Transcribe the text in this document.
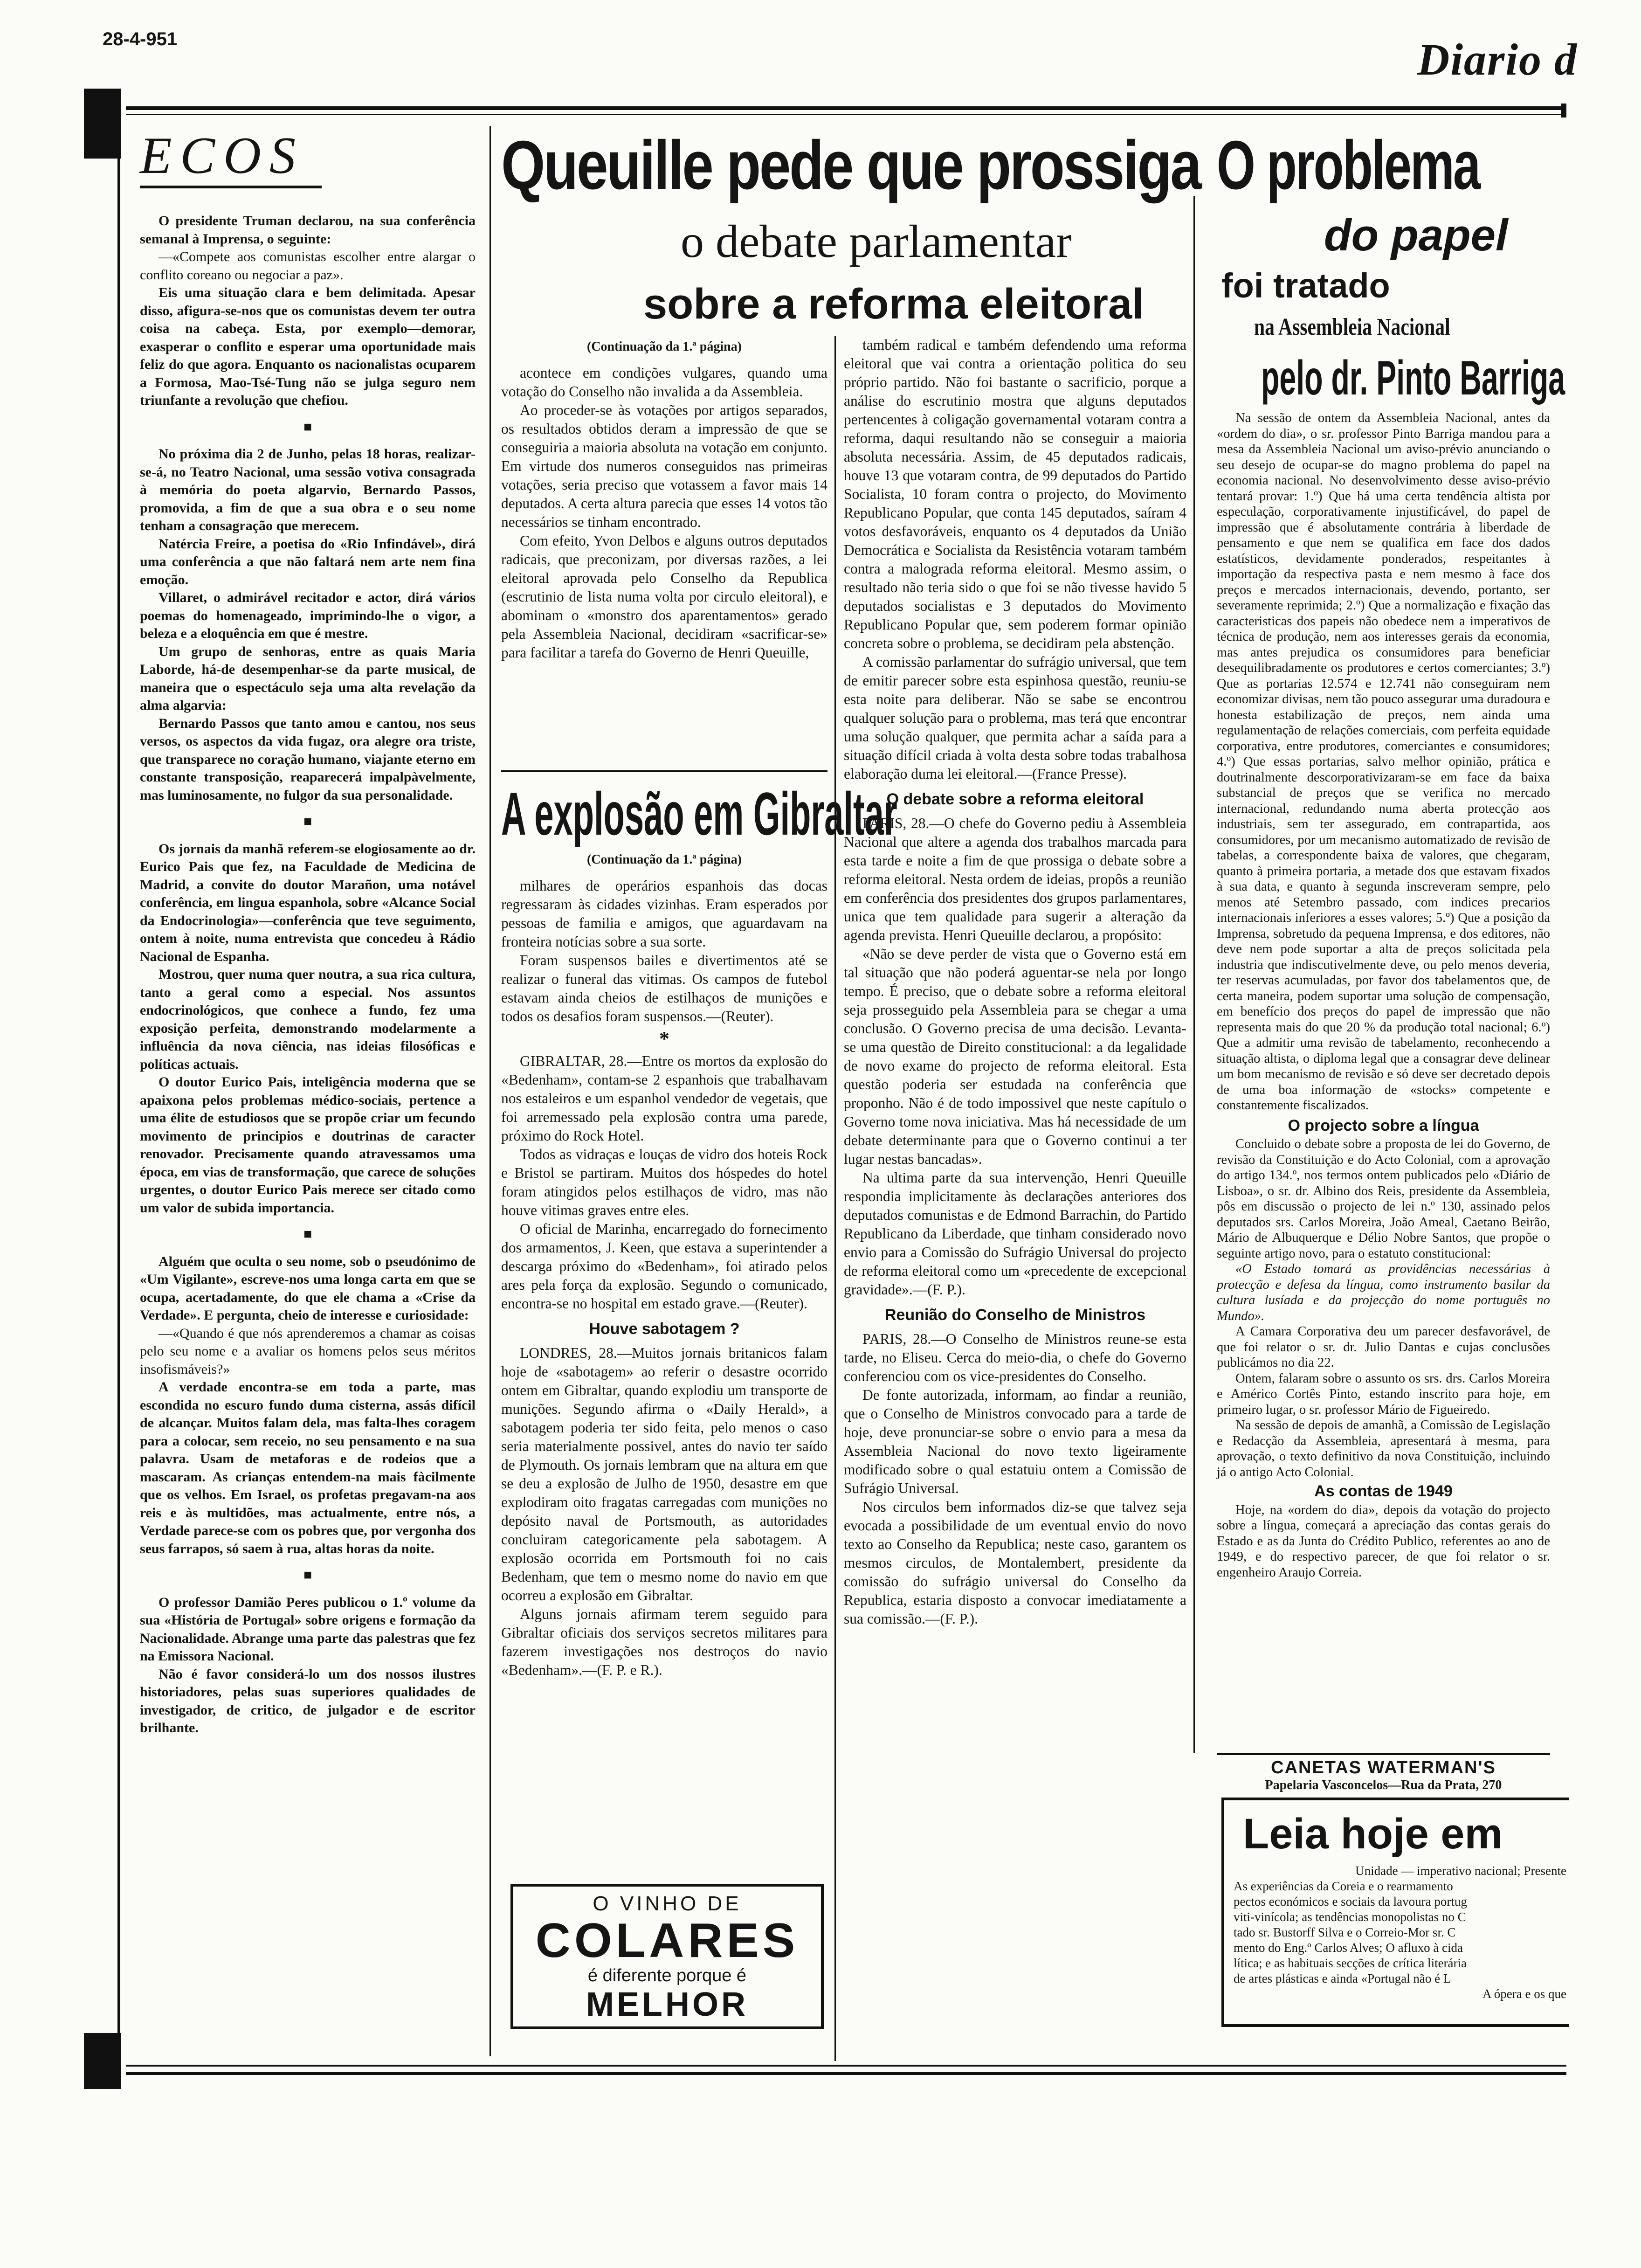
28-4-951	Diario d
ECOS

O presidente Truman declarou, na sua conferência semanal à Imprensa, o seguinte:

—«Compete aos comunistas escolher entre alargar o conflito coreano ou negociar a paz».

Eis uma situação clara e bem delimitada. Apesar disso, afigura-se-nos que os comunistas devem ter outra coisa na cabeça. Esta, por exemplo—demorar, exasperar o conflito e esperar uma oportunidade mais feliz do que agora. Enquanto os nacionalistas ocuparem a Formosa, Mao-Tsé-Tung não se julga seguro nem triunfante a revolução que chefiou.

■

No próxima dia 2 de Junho, pelas 18 horas, realizar-se-á, no Teatro Nacional, uma sessão votiva consagrada à memória do poeta algarvio, Bernardo Passos, promovida, a fim de que a sua obra e o seu nome tenham a consagração que merecem.

Natércia Freire, a poetisa do «Rio Infindável», dirá uma conferência a que não faltará nem arte nem fina emoção.

Villaret, o admirável recitador e actor, dirá vários poemas do homenageado, imprimindo-lhe o vigor, a beleza e a eloquência em que é mestre.

Um grupo de senhoras, entre as quais Maria Laborde, há-de desempenhar-se da parte musical, de maneira que o espectáculo seja uma alta revelação da alma algarvia:

Bernardo Passos que tanto amou e cantou, nos seus versos, os aspectos da vida fugaz, ora alegre ora triste, que transparece no coração humano, viajante eterno em constante transposição, reaparecerá impalpàvelmente, mas luminosamente, no fulgor da sua personalidade.

■

Os jornais da manhã referem-se elogiosamente ao dr. Eurico Pais que fez, na Faculdade de Medicina de Madrid, a convite do doutor Marañon, uma notável conferência, em lingua espanhola, sobre «Alcance Social da Endocrinologia»—conferência que teve seguimento, ontem à noite, numa entrevista que concedeu à Rádio Nacional de Espanha.

Mostrou, quer numa quer noutra, a sua rica cultura, tanto a geral como a especial. Nos assuntos endocrinológicos, que conhece a fundo, fez uma exposição perfeita, demonstrando modelarmente a influência da nova ciência, nas ideias filosóficas e políticas actuais.

O doutor Eurico Pais, inteligência moderna que se apaixona pelos problemas médico-sociais, pertence a uma élite de estudiosos que se propõe criar um fecundo movimento de principios e doutrinas de caracter renovador. Precisamente quando atravessamos uma época, em vias de transformação, que carece de soluções urgentes, o doutor Eurico Pais merece ser citado como um valor de subida importancia.

■

Alguém que oculta o seu nome, sob o pseudónimo de «Um Vigilante», escreve-nos uma longa carta em que se ocupa, acertadamente, do que ele chama a «Crise da Verdade». E pergunta, cheio de interesse e curiosidade:

—«Quando é que nós aprenderemos a chamar as coisas pelo seu nome e a avaliar os homens pelos seus méritos insofismáveis?»

A verdade encontra-se em toda a parte, mas escondida no escuro fundo duma cisterna, assás difícil de alcançar. Muitos falam dela, mas falta-lhes coragem para a colocar, sem receio, no seu pensamento e na sua palavra. Usam de metaforas e de rodeios que a mascaram. As crianças entendem-na mais fàcilmente que os velhos. Em Israel, os profetas pregavam-na aos reis e às multidões, mas actualmente, entre nós, a Verdade parece-se com os pobres que, por vergonha dos seus farrapos, só saem à rua, altas horas da noite.

■

O professor Damião Peres publicou o 1.º volume da sua «História de Portugal» sobre origens e formação da Nacionalidade. Abrange uma parte das palestras que fez na Emissora Nacional.

Não é favor considerá-lo um dos nossos ilustres historiadores, pelas suas superiores qualidades de investigador, de critico, de julgador e de escritor brilhante.

Queuille pede que prossiga
o debate parlamentar
sobre a reforma eleitoral
(Continuação da 1.ª página)

acontece em condições vulgares, quando uma votação do Conselho não invalida a da Assembleia.

Ao proceder-se às votações por artigos separados, os resultados obtidos deram a impressão de que se conseguiria a maioria absoluta na votação em conjunto. Em virtude dos numeros conseguidos nas primeiras votações, seria preciso que votassem a favor mais 14 deputados. A certa altura parecia que esses 14 votos tão necessários se tinham encontrado.

Com efeito, Yvon Delbos e alguns outros deputados radicais, que preconizam, por diversas razões, a lei eleitoral aprovada pelo Conselho da Republica (escrutinio de lista numa volta por circulo eleitoral), e abominam o «monstro dos aparentamentos» gerado pela Assembleia Nacional, decidiram «sacrificar-se» para facilitar a tarefa do Governo de Henri Queuille,

A explosão em Gibraltar
(Continuação da 1.ª página)

milhares de operários espanhois das docas regressaram às cidades vizinhas. Eram esperados por pessoas de familia e amigos, que aguardavam na fronteira notícias sobre a sua sorte.

Foram suspensos bailes e divertimentos até se realizar o funeral das vitimas. Os campos de futebol estavam ainda cheios de estilhaços de munições e todos os desafios foram suspensos.—(Reuter).

*

GIBRALTAR, 28.—Entre os mortos da explosão do «Bedenham», contam-se 2 espanhois que trabalhavam nos estaleiros e um espanhol vendedor de vegetais, que foi arremessado pela explosão contra uma parede, próximo do Rock Hotel.

Todos as vidraças e louças de vidro dos hoteis Rock e Bristol se partiram. Muitos dos hóspedes do hotel foram atingidos pelos estilhaços de vidro, mas não houve vitimas graves entre eles.

O oficial de Marinha, encarregado do fornecimento dos armamentos, J. Keen, que estava a superintender a descarga próximo do «Bedenham», foi atirado pelos ares pela força da explosão. Segundo o comunicado, encontra-se no hospital em estado grave.—(Reuter).

Houve sabotagem ?

LONDRES, 28.—Muitos jornais britanicos falam hoje de «sabotagem» ao referir o desastre ocorrido ontem em Gibraltar, quando explodiu um transporte de munições. Segundo afirma o «Daily Herald», a sabotagem poderia ter sido feita, pelo menos o caso seria materialmente possivel, antes do navio ter saído de Plymouth. Os jornais lembram que na altura em que se deu a explosão de Julho de 1950, desastre em que explodiram oito fragatas carregadas com munições no depósito naval de Portsmouth, as autoridades concluiram categoricamente pela sabotagem. A explosão ocorrida em Portsmouth foi no cais Bedenham, que tem o mesmo nome do navio em que ocorreu a explosão em Gibraltar.

Alguns jornais afirmam terem seguido para Gibraltar oficiais dos serviços secretos militares para fazerem investigações nos destroços do navio «Bedenham».—(F. P. e R.).

O VINHO DE
COLARES
é diferente porque é
MELHOR

também radical e também defendendo uma reforma eleitoral que vai contra a orientação politica do seu próprio partido. Não foi bastante o sacrificio, porque a análise do escrutinio mostra que alguns deputados pertencentes à coligação governamental votaram contra a reforma, daqui resultando não se conseguir a maioria absoluta necessária. Assim, de 45 deputados radicais, houve 13 que votaram contra, de 99 deputados do Partido Socialista, 10 foram contra o projecto, do Movimento Republicano Popular, que conta 145 deputados, saíram 4 votos desfavoráveis, enquanto os 4 deputados da União Democrática e Socialista da Resistência votaram também contra a malograda reforma eleitoral. Mesmo assim, o resultado não teria sido o que foi se não tivesse havido 5 deputados socialistas e 3 deputados do Movimento Republicano Popular que, sem poderem formar opinião concreta sobre o problema, se decidiram pela abstenção.

A comissão parlamentar do sufrágio universal, que tem de emitir parecer sobre esta espinhosa questão, reuniu-se esta noite para deliberar. Não se sabe se encontrou qualquer solução para o problema, mas terá que encontrar uma solução qualquer, que permita achar a saída para a situação difícil criada à volta desta sobre todas trabalhosa elaboração duma lei eleitoral.—(France Presse).

O debate sobre a reforma eleitoral

PARIS, 28.—O chefe do Governo pediu à Assembleia Nacional que altere a agenda dos trabalhos marcada para esta tarde e noite a fim de que prossiga o debate sobre a reforma eleitoral. Nesta ordem de ideias, propôs a reunião em conferência dos presidentes dos grupos parlamentares, unica que tem qualidade para sugerir a alteração da agenda prevista. Henri Queuille declarou, a propósito:

«Não se deve perder de vista que o Governo está em tal situação que não poderá aguentar-se nela por longo tempo. É preciso, que o debate sobre a reforma eleitoral seja prosseguido pela Assembleia para se chegar a uma conclusão. O Governo precisa de uma decisão. Levanta-se uma questão de Direito constitucional: a da legalidade de novo exame do projecto de reforma eleitoral. Esta questão poderia ser estudada na conferência que proponho. Não é de todo impossivel que neste capítulo o Governo tome nova iniciativa. Mas há necessidade de um debate determinante para que o Governo continui a ter lugar nestas bancadas».

Na ultima parte da sua intervenção, Henri Queuille respondia implicitamente às declarações anteriores dos deputados comunistas e de Edmond Barrachin, do Partido Republicano da Liberdade, que tinham considerado novo envio para a Comissão do Sufrágio Universal do projecto de reforma eleitoral como um «precedente de excepcional gravidade».—(F. P.).

Reunião do Conselho de Ministros

PARIS, 28.—O Conselho de Ministros reune-se esta tarde, no Eliseu. Cerca do meio-dia, o chefe do Governo conferenciou com os vice-presidentes do Conselho.

De fonte autorizada, informam, ao findar a reunião, que o Conselho de Ministros convocado para a tarde de hoje, deve pronunciar-se sobre o envio para a mesa da Assembleia Nacional do novo texto ligeiramente modificado sobre o qual estatuiu ontem a Comissão de Sufrágio Universal.

Nos circulos bem informados diz-se que talvez seja evocada a possibilidade de um eventual envio do novo texto ao Conselho da Republica; neste caso, garantem os mesmos circulos, de Montalembert, presidente da comissão do sufrágio universal do Conselho da Republica, estaria disposto a convocar imediatamente a sua comissão.—(F. P.).

O problema
do papel
foi tratado
na Assembleia Nacional
pelo dr. Pinto Barriga

Na sessão de ontem da Assembleia Nacional, antes da «ordem do dia», o sr. professor Pinto Barriga mandou para a mesa da Assembleia Nacional um aviso-prévio anunciando o seu desejo de ocupar-se do magno problema do papel na economia nacional. No desenvolvimento desse aviso-prévio tentará provar: 1.º) Que há uma certa tendência altista por especulação, corporativamente injustificável, do papel de impressão que é absolutamente contrária à liberdade de pensamento e que nem se qualifica em face dos dados estatísticos, devidamente ponderados, respeitantes à importação da respectiva pasta e nem mesmo à face dos preços e mercados internacionais, devendo, portanto, ser severamente reprimida; 2.º) Que a normalização e fixação das caracteristicas dos papeis não obedece nem a imperativos de técnica de produção, nem aos interesses gerais da economia, mas antes prejudica os consumidores para beneficiar desequilibradamente os produtores e certos comerciantes; 3.º) Que as portarias 12.574 e 12.741 não conseguiram nem economizar divisas, nem tão pouco assegurar uma duradoura e honesta estabilização de preços, nem ainda uma regulamentação de relações comerciais, com perfeita equidade corporativa, entre produtores, comerciantes e consumidores; 4.º) Que essas portarias, salvo melhor opinião, prática e doutrinalmente descorporativizaram-se em face da baixa substancial de preços que se verifica no mercado internacional, redundando numa aberta protecção aos industriais, sem ter assegurado, em contrapartida, aos consumidores, por um mecanismo automatizado de revisão de tabelas, a correspondente baixa de valores, que chegaram, quanto à primeira portaria, a metade dos que estavam fixados à sua data, e quanto à segunda inscreveram sempre, pelo menos até Setembro passado, com indices precarios internacionais inferiores a esses valores; 5.º) Que a posição da Imprensa, sobretudo da pequena Imprensa, e dos editores, não deve nem pode suportar a alta de preços solicitada pela industria que indiscutivelmente deve, ou pelo menos deveria, ter reservas acumuladas, por favor dos tabelamentos que, de certa maneira, podem suportar uma solução de compensação, em benefício dos preços do papel de impressão que não representa mais do que 20 % da produção total nacional; 6.º) Que a admitir uma revisão de tabelamento, reconhecendo a situação altista, o diploma legal que a consagrar deve delinear um bom mecanismo de revisão e só deve ser decretado depois de uma boa informação de «stocks» competente e constantemente fiscalizados.

O projecto sobre a língua

Concluido o debate sobre a proposta de lei do Governo, de revisão da Constituição e do Acto Colonial, com a aprovação do artigo 134.º, nos termos ontem publicados pelo «Diário de Lisboa», o sr. dr. Albino dos Reis, presidente da Assembleia, pôs em discussão o projecto de lei n.º 130, assinado pelos deputados srs. Carlos Moreira, João Ameal, Caetano Beirão, Mário de Albuquerque e Délio Nobre Santos, que propõe o seguinte artigo novo, para o estatuto constitucional:

«O Estado tomará as providências necessárias à protecção e defesa da língua, como instrumento basilar da cultura lusíada e da projecção do nome português no Mundo».

A Camara Corporativa deu um parecer desfavorável, de que foi relator o sr. dr. Julio Dantas e cujas conclusões publicámos no dia 22.

Ontem, falaram sobre o assunto os srs. drs. Carlos Moreira e Américo Cortês Pinto, estando inscrito para hoje, em primeiro lugar, o sr. professor Mário de Figueiredo.

Na sessão de depois de amanhã, a Comissão de Legislação e Redacção da Assembleia, apresentará à mesma, para aprovação, o texto definitivo da nova Constituição, incluindo já o antigo Acto Colonial.

As contas de 1949

Hoje, na «ordem do dia», depois da votação do projecto sobre a língua, começará a apreciação das contas gerais do Estado e as da Junta do Crédito Publico, referentes ao ano de 1949, e do respectivo parecer, de que foi relator o sr. engenheiro Araujo Correia.

CANETAS WATERMAN'S
Papelaria Vasconcelos—Rua da Prata, 270
Leia hoje em
Unidade — imperativo nacional; Presente
As experiências da Coreia e o rearmamento
pectos económicos e sociais da lavoura portug
viti-vinícola; as tendências monopolistas no C
tado sr. Bustorff Silva e o Correio-Mor sr. C
mento do Eng.º Carlos Alves; O afluxo à cida
lítica; e as habituais secções de crítica literária
de artes plásticas e ainda «Portugal não é L
A ópera e os que
